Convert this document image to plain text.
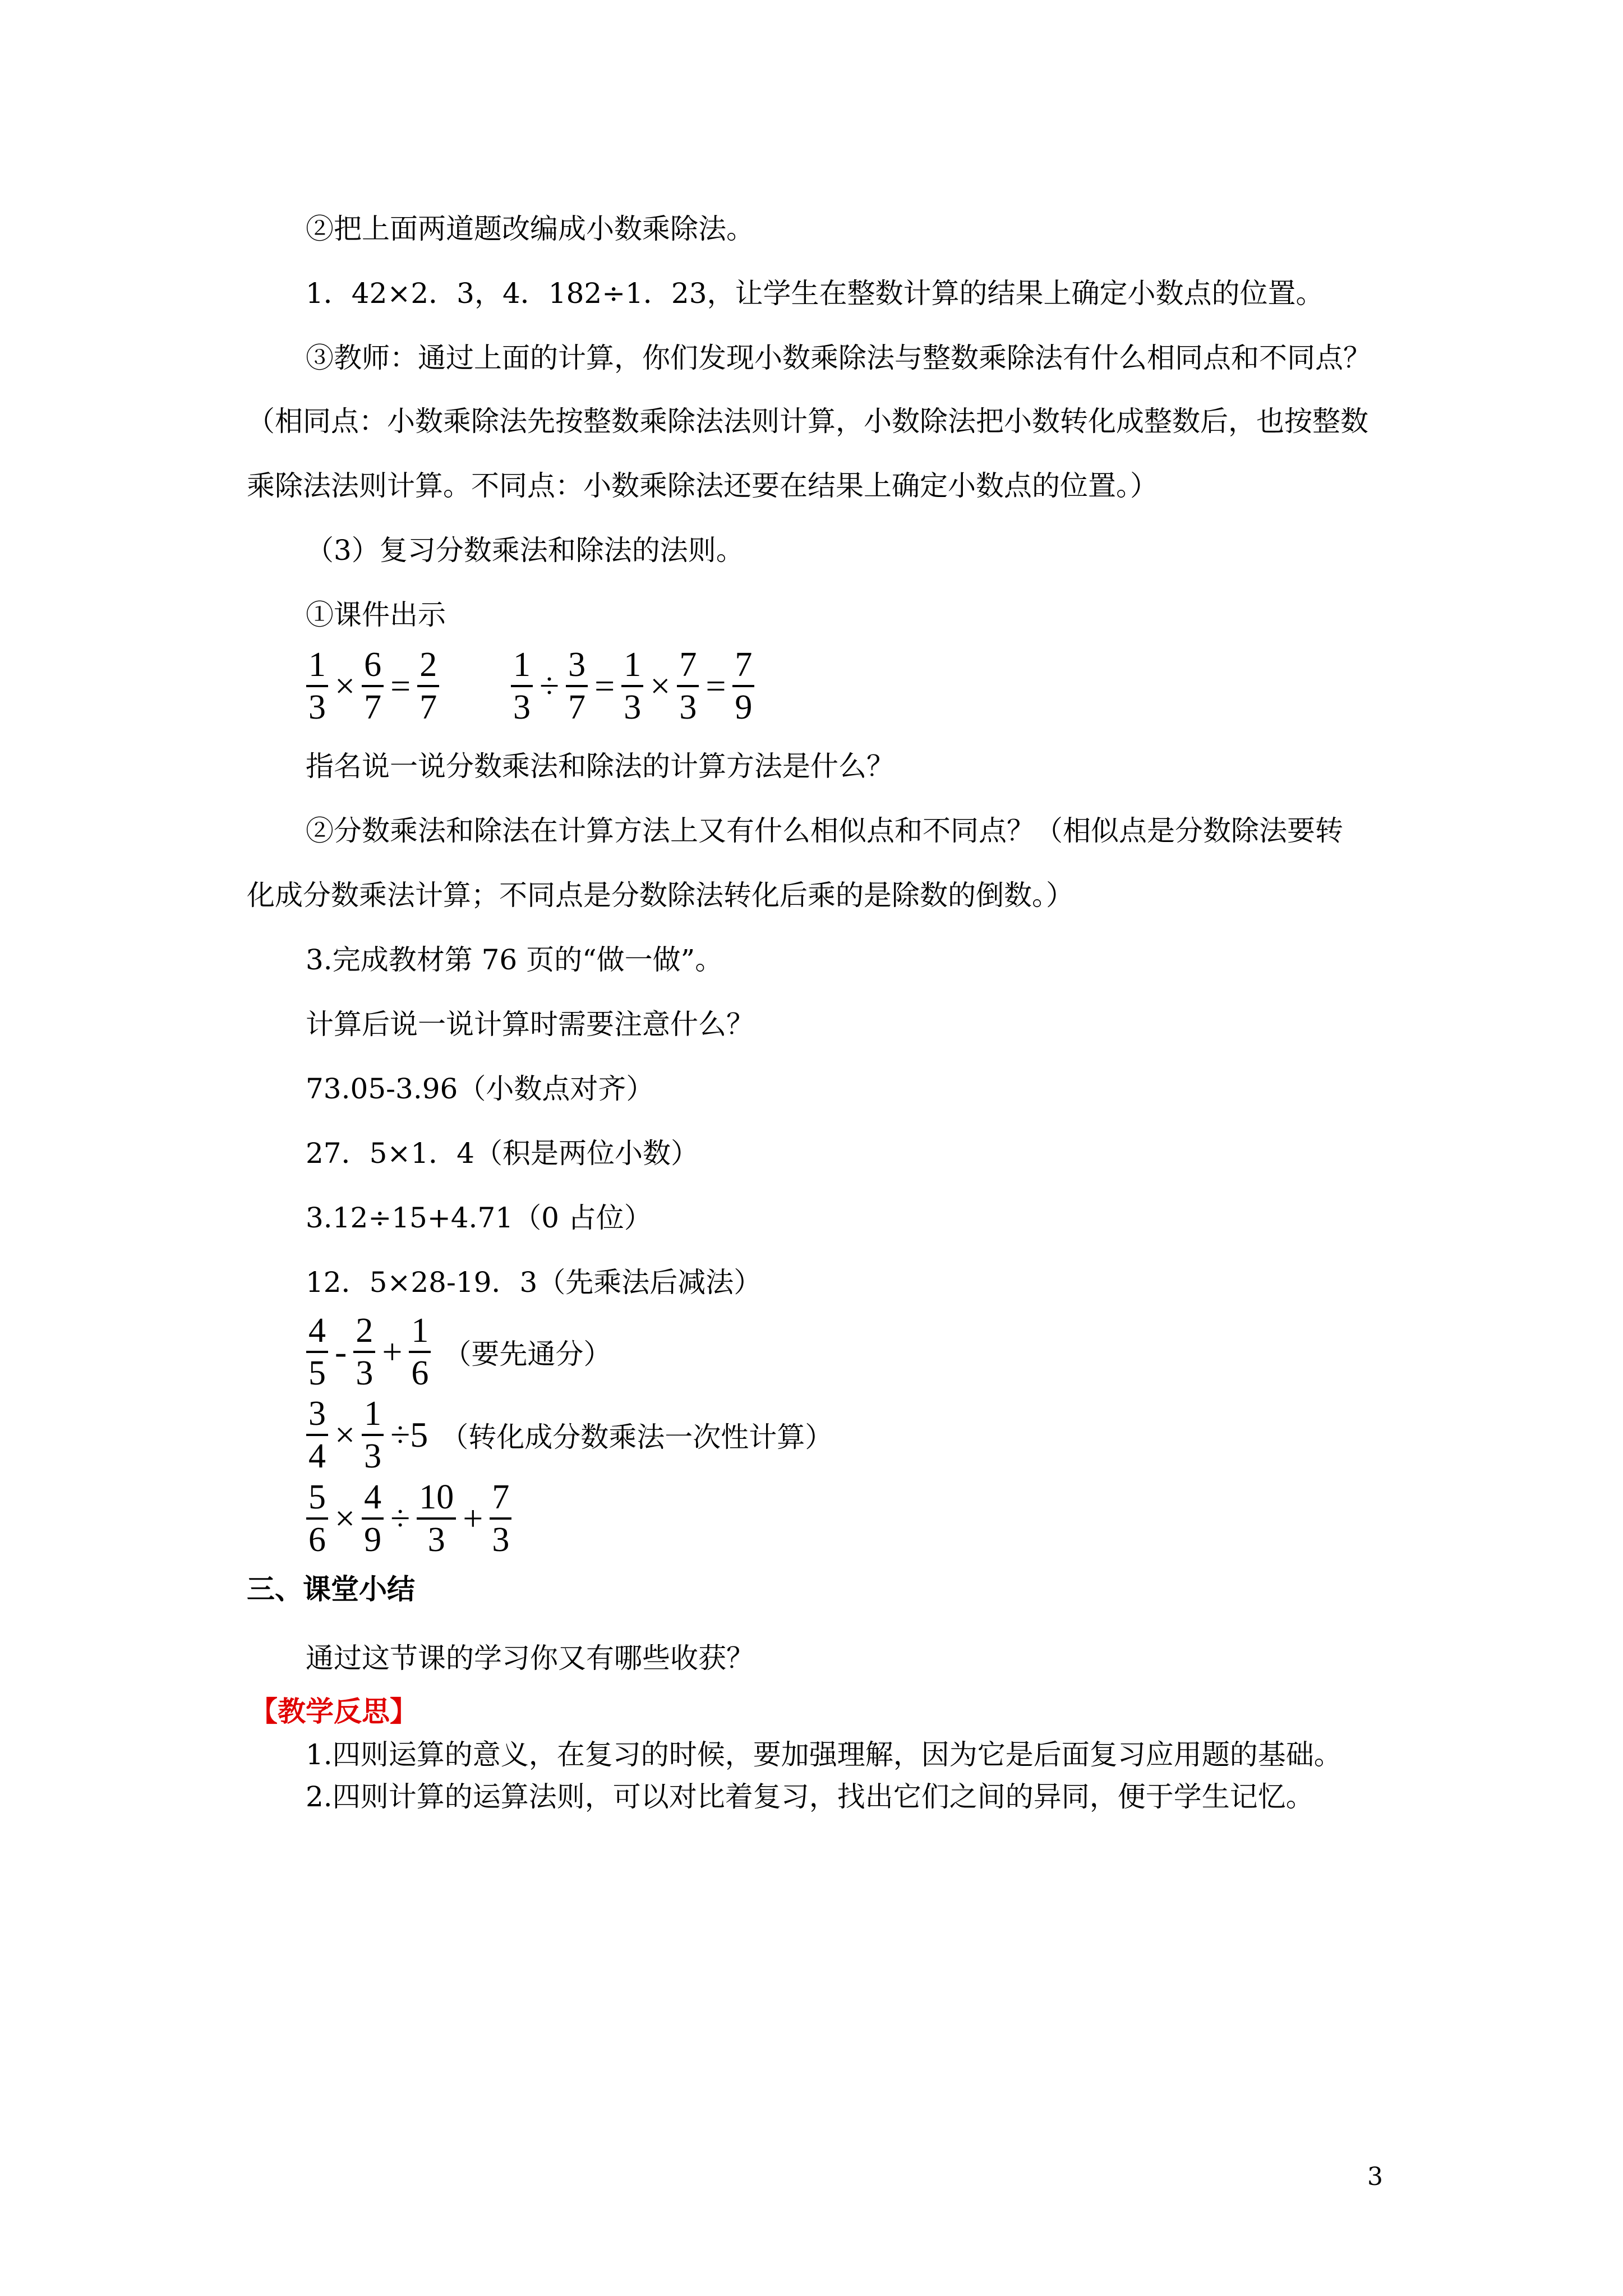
②把上面两道题改编成小数乘除法。
1．42×2．3，4．182÷1．23，让学生在整数计算的结果上确定小数点的位置。
③教师：通过上面的计算，你们发现小数乘除法与整数乘除法有什么相同点和不同点？
（相同点：小数乘除法先按整数乘除法法则计算，小数除法把小数转化成整数后，也按整数
乘除法法则计算。不同点：小数乘除法还要在结果上确定小数点的位置。）
（3）复习分数乘法和除法的法则。
①课件出示
$\frac{1}{3} \times \frac{6}{7} = \frac{2}{7} \frac{1}{3} \div \frac{3}{7} = \frac{1}{3} \times \frac{7}{3} = \frac{7}{9}$
指名说一说分数乘法和除法的计算方法是什么？
②分数乘法和除法在计算方法上又有什么相似点和不同点？（相似点是分数除法要转
化成分数乘法计算；不同点是分数除法转化后乘的是除数的倒数。）
3.完成教材第 76 页的“做一做”。
计算后说一说计算时需要注意什么？
73.05-3.96（小数点对齐）
27．5×1．4（积是两位小数）
3.12÷15+4.71（0 占位）
12．5×28-19．3（先乘法后减法）
$\frac{4}{5} - \frac{2}{3} + \frac{1}{6}$ （要先通分）
$\frac{3}{4} \times \frac{1}{3} \div 5$ （转化成分数乘法一次性计算）
$\frac{5}{6} \times \frac{4}{9} \div \frac{10}{3} + \frac{7}{3}$
三、课堂小结
通过这节课的学习你又有哪些收获？
【教学反思】
1.四则运算的意义，在复习的时候，要加强理解，因为它是后面复习应用题的基础。
2.四则计算的运算法则，可以对比着复习，找出它们之间的异同，便于学生记忆。
3
